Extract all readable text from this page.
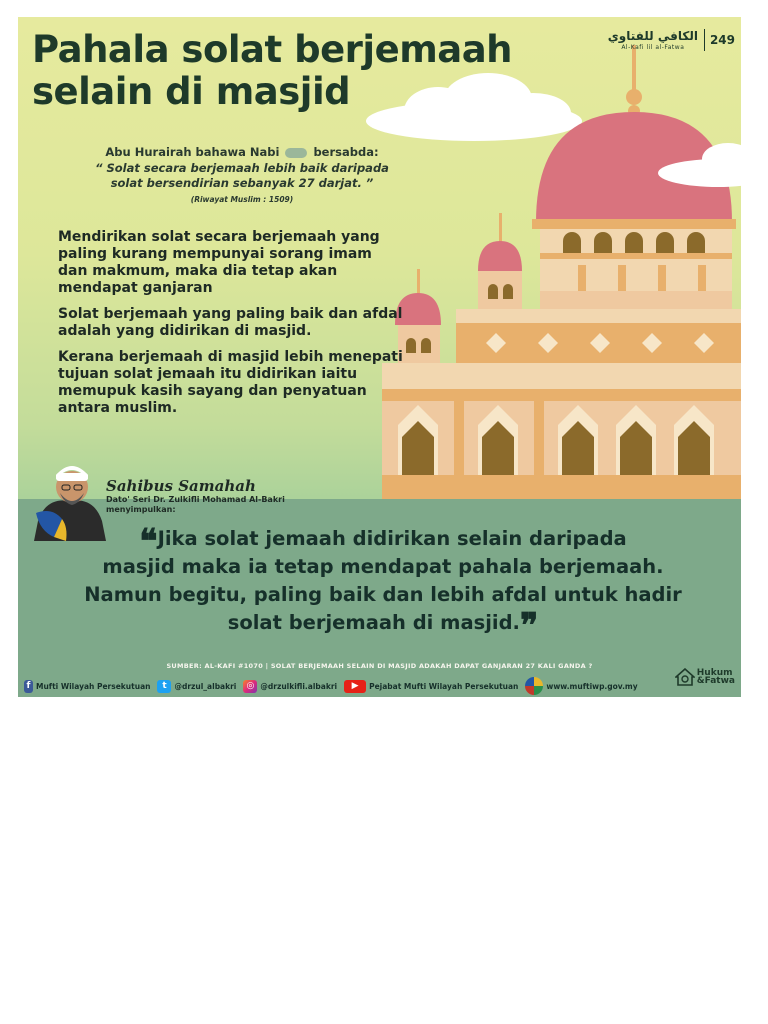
Pahala solat berjemaah
selain di masjid
الكافي للفتاوي
Al-Kafi lil al-Fatwa
249
Abu Hurairah bahawa Nabi	bersabda:
“ Solat secara berjemaah lebih baik daripada
solat bersendirian sebanyak 27 darjat. ”
(Riwayat Muslim : 1509)

Mendirikan solat secara berjemaah yang paling kurang mempunyai sorang imam dan makmum, maka dia tetap akan mendapat ganjaran

Solat berjemaah yang paling baik dan afdal adalah yang didirikan di masjid.

Kerana berjemaah di masjid lebih menepati tujuan solat jemaah itu didirikan iaitu memupuk kasih sayang dan penyatuan antara muslim.

Sahibus Samahah
Dato' Seri Dr. Zulkifli Mohamad Al-Bakri
menyimpulkan:
❝Jika solat jemaah didirikan selain daripada
masjid maka ia tetap mendapat pahala berjemaah.
Namun begitu, paling baik dan lebih afdal untuk hadir
solat berjemaah di masjid.❞
SUMBER: AL-KAFI #1070 | SOLAT BERJEMAAH SELAIN DI MASJID ADAKAH DAPAT GANJARAN 27 KALI GANDA ?
f Mufti Wilayah Persekutuan	t	@drzul_albakri	◎ @drzulkifli.albakri	▶	Pejabat Mufti Wilayah Persekutuan	www.muftiwp.gov.my
Hukum
&Fatwa
